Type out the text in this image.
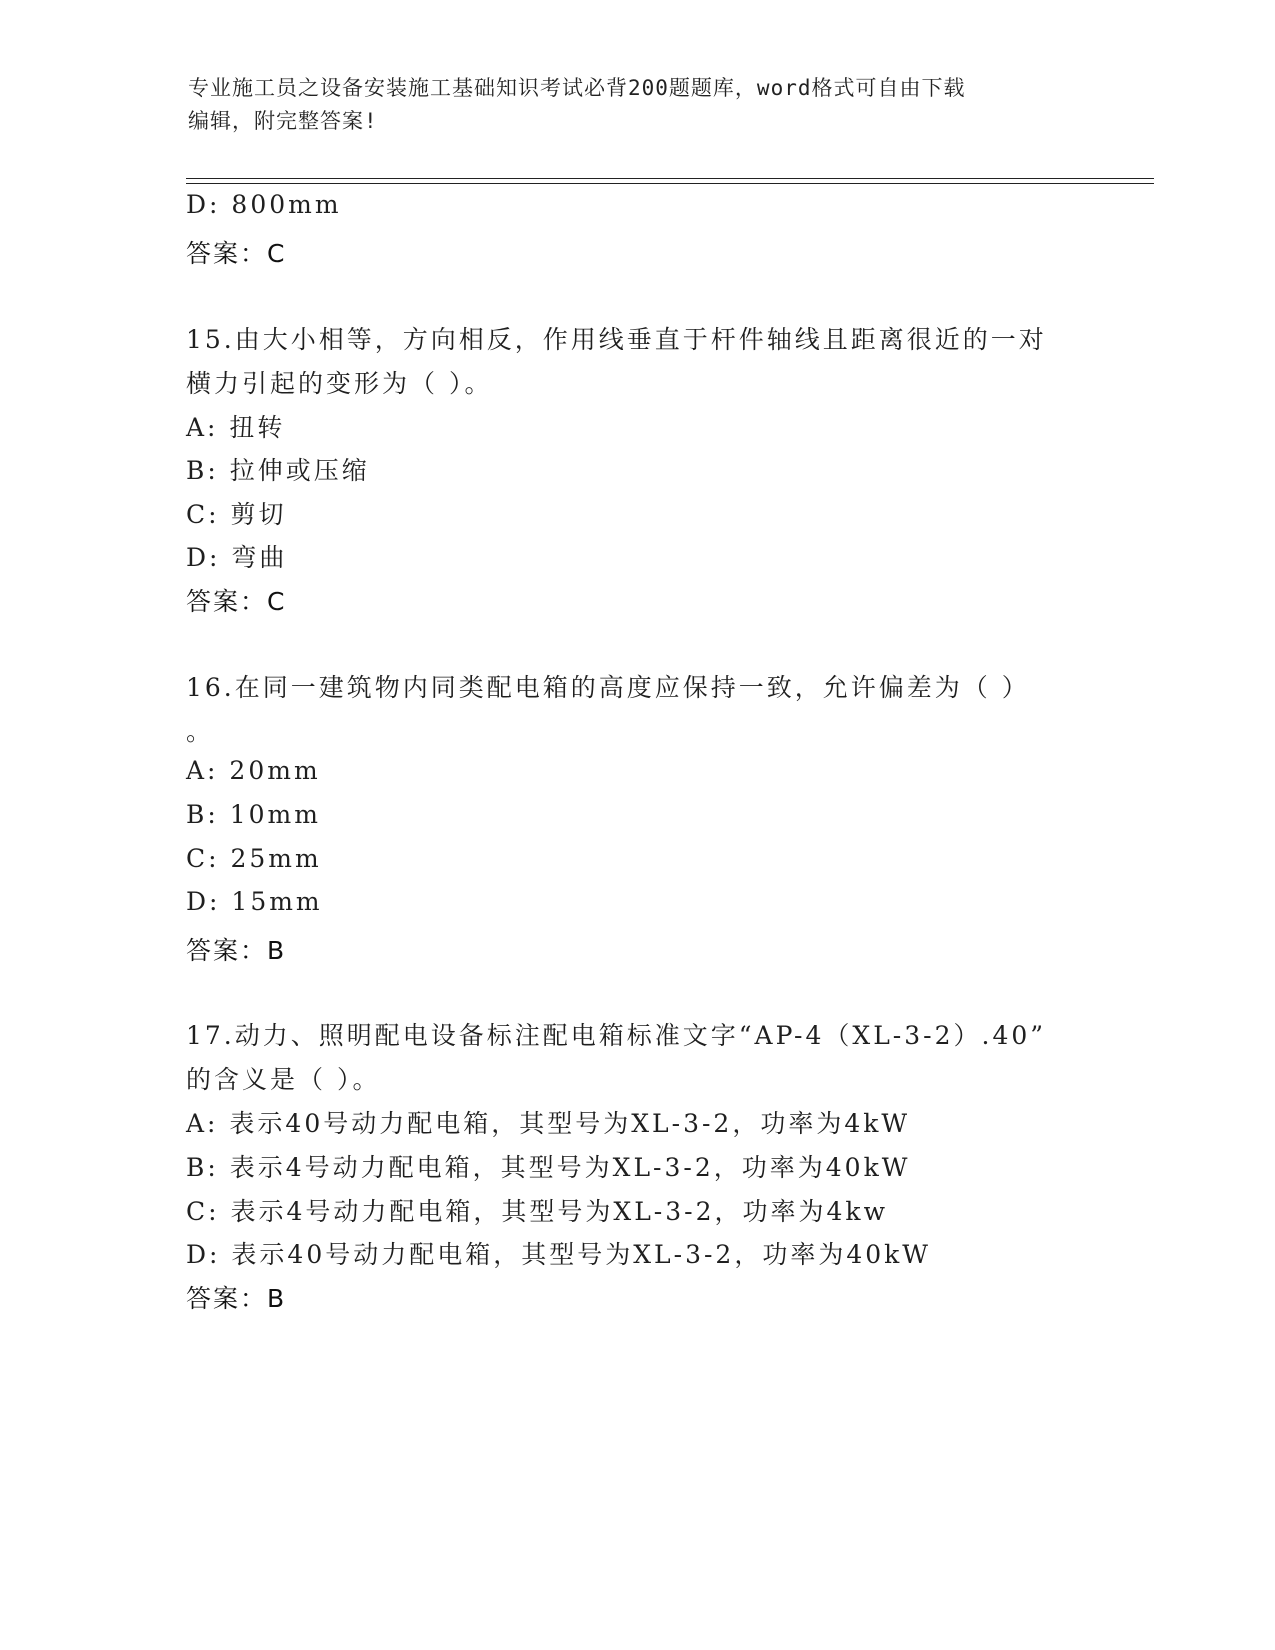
专业施工员之设备安装施工基础知识考试必背200题题库，word格式可自由下载
编辑，附完整答案!
D: 800mm
答案：C
15.由大小相等，方向相反，作用线垂直于杆件轴线且距离很近的一对
横力引起的变形为（ ）。
A: 扭转
B: 拉伸或压缩
C: 剪切
D: 弯曲
答案：C
16.在同一建筑物内同类配电箱的高度应保持一致，允许偏差为（ ）
。
A: 20mm
B: 10mm
C: 25mm
D: 15mm
答案：B
17.动力、照明配电设备标注配电箱标准文字“AP-4（XL-3-2）.40”
的含义是（ ）。
A: 表示40号动力配电箱，其型号为XL-3-2，功率为4kW
B: 表示4号动力配电箱，其型号为XL-3-2，功率为40kW
C: 表示4号动力配电箱，其型号为XL-3-2，功率为4kw
D: 表示40号动力配电箱，其型号为XL-3-2，功率为40kW
答案：B
